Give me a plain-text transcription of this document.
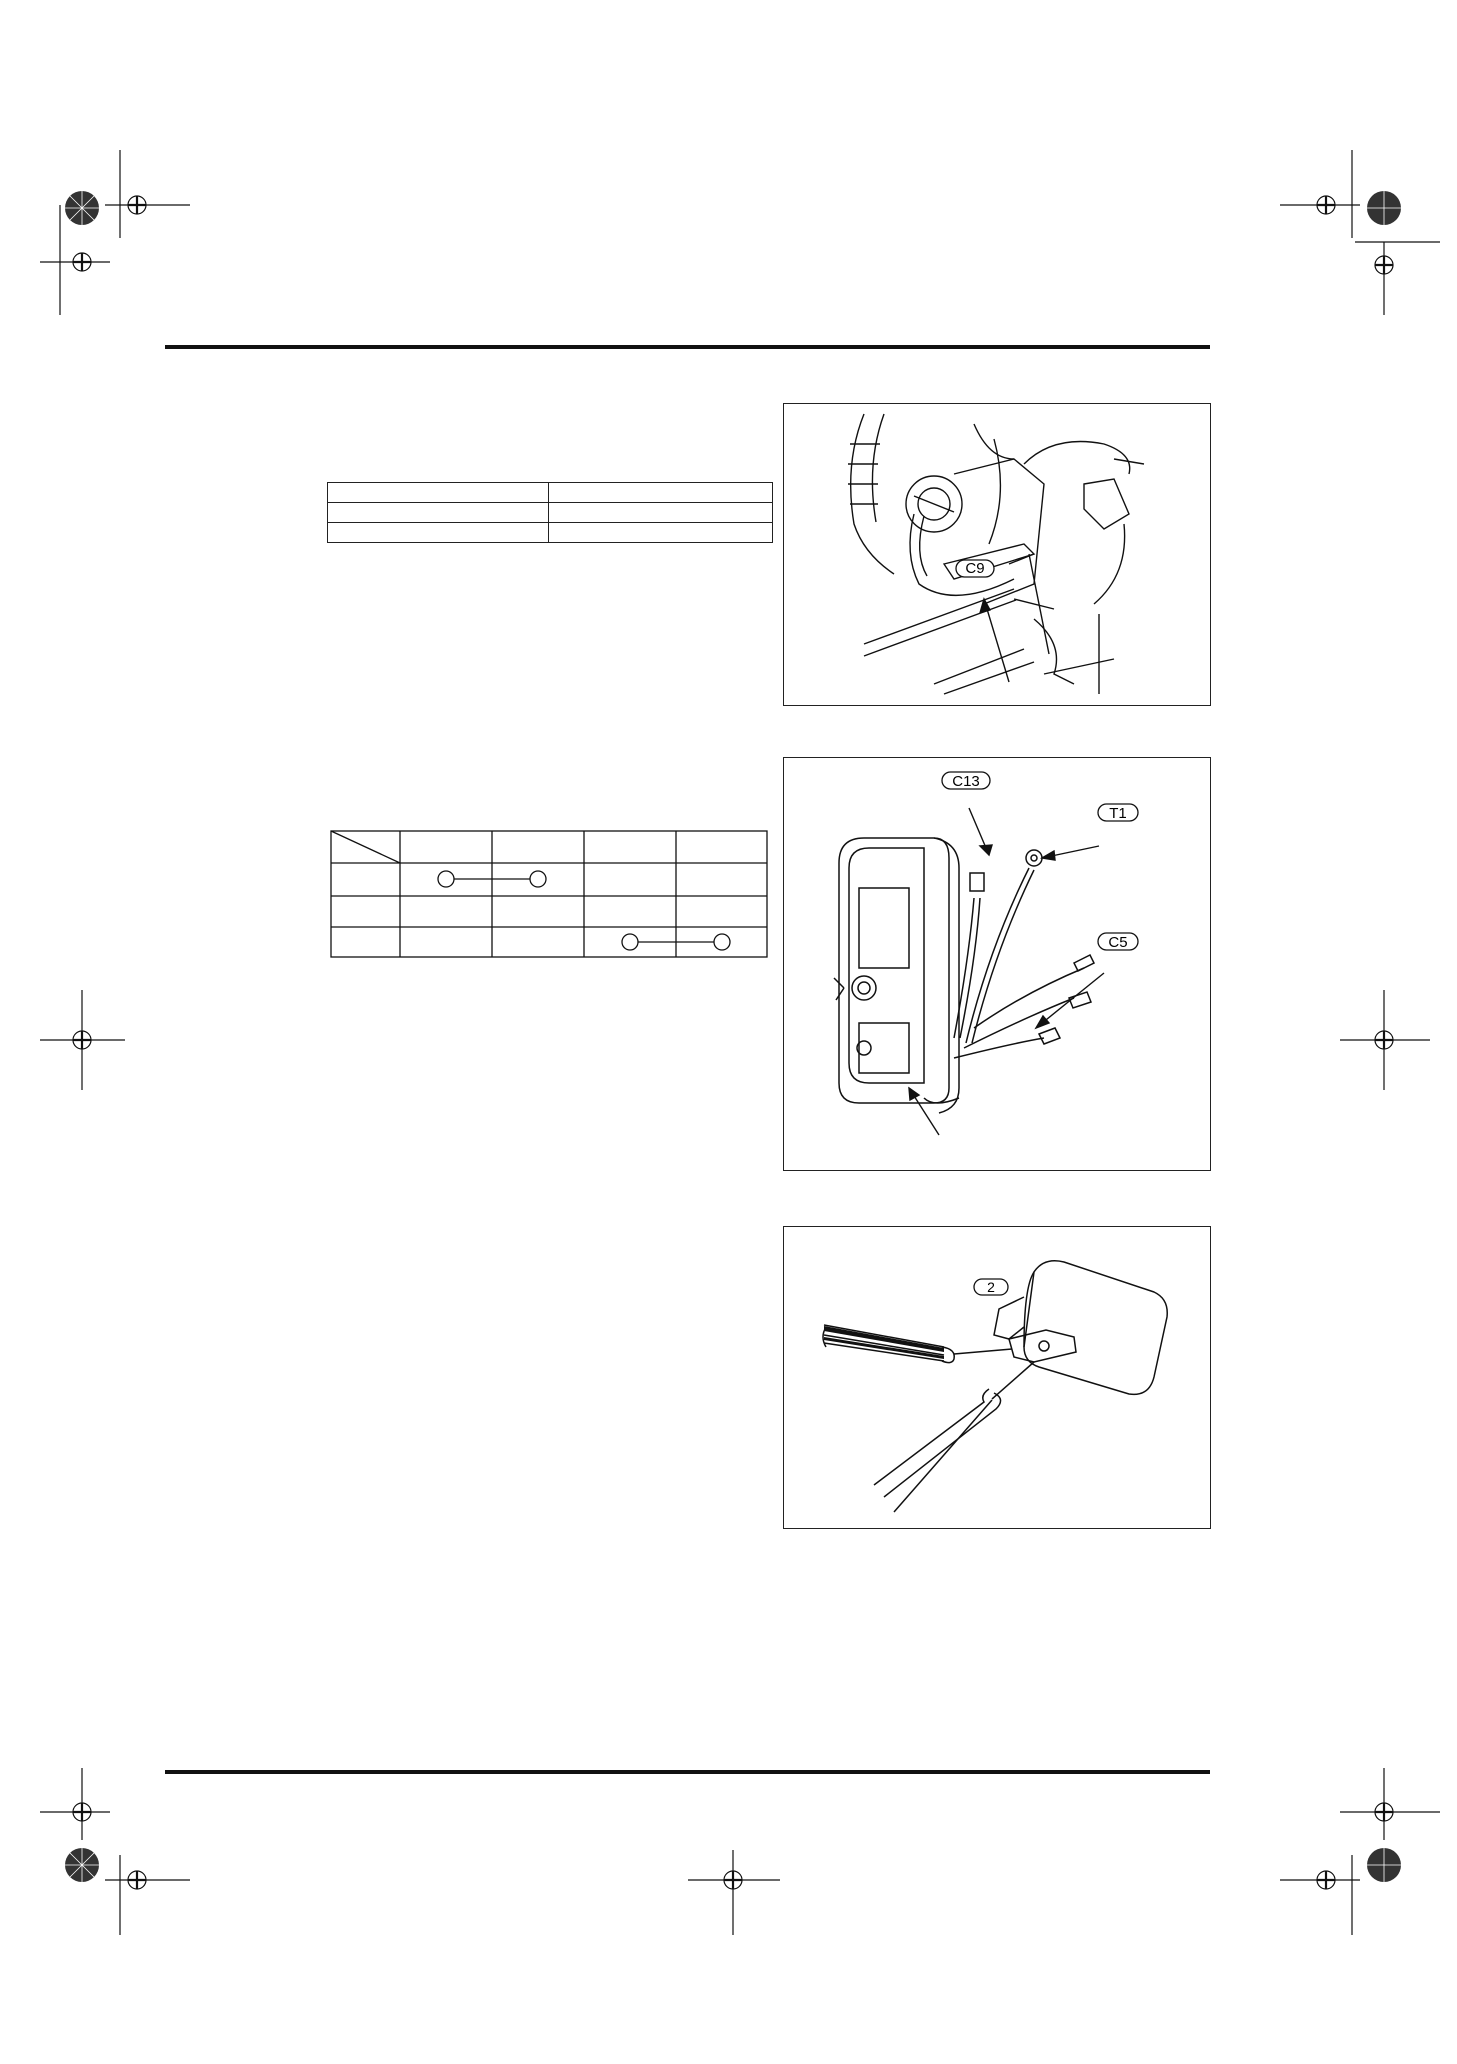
C9
C13
T1
C5
2
